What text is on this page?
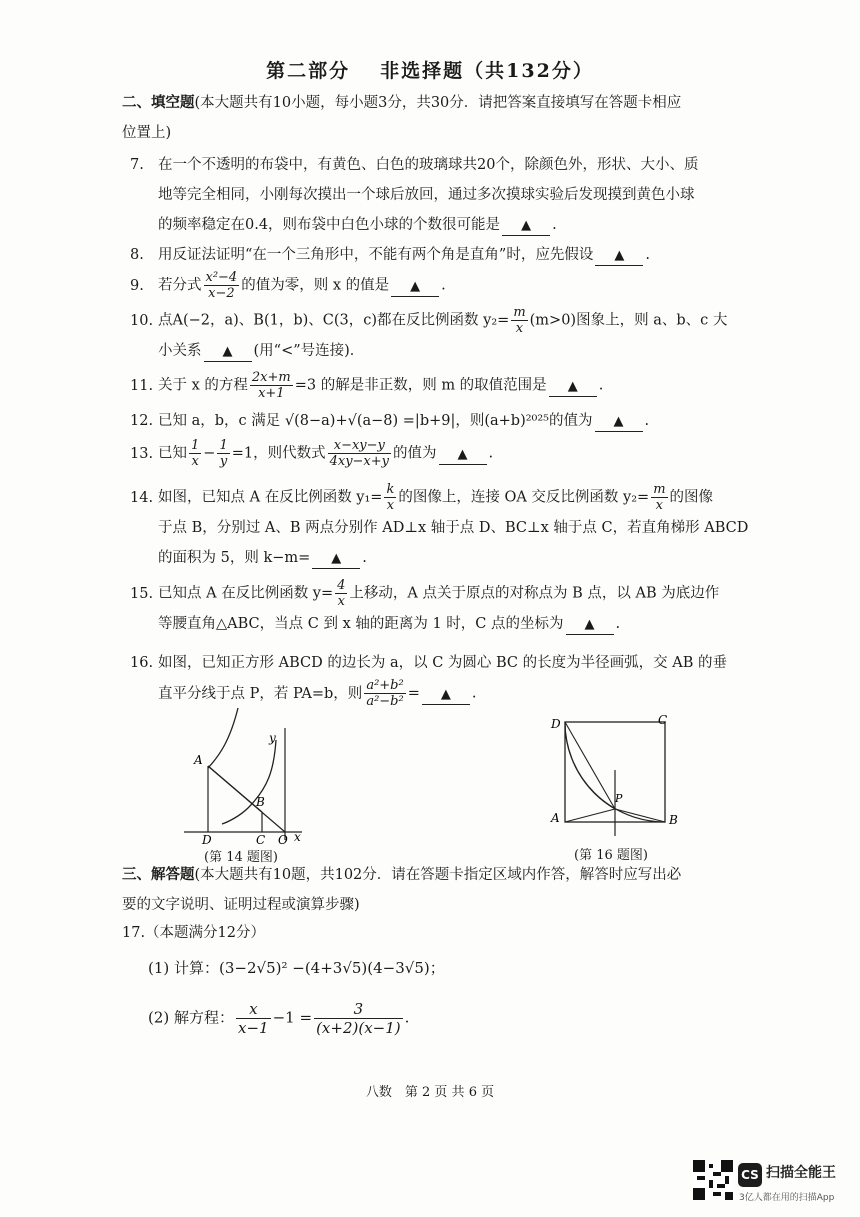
第二部分 非选择题（共132分）
二、填空题(本大题共有10小题，每小题3分，共30分．请把答案直接填写在答题卡相应
位置上)
7. 在一个不透明的布袋中，有黄色、白色的玻璃球共20个，除颜色外，形状、大小、质
地等完全相同，小刚每次摸出一个球后放回，通过多次摸球实验后发现摸到黄色小球
的频率稳定在0.4，则布袋中白色小球的个数很可能是 ▲ .
8. 用反证法证明“在一个三角形中，不能有两个角是直角”时，应先假设 ▲ .
9. 若分式 $\frac{\text{x²−4}}{x-2}$ 的值为零，则 x 的值是 ▲ .
10. 点A(−2，a)、B(1，b)、C(3，c)都在反比例函数 $y_2= \frac{m}{x} (m>0)$图象上，则 a、b、c 大
小关系 ▲ (用“<”号连接)．
11. 关于 x 的方程 $\frac{2x+m}{x+1} =3$ 的解是非正数，则 m 的取值范围是 ▲ .
12. 已知 a，b，c 满足 √(8−a)+√(a−8) =|b+9|，则(a+b)²⁰²⁵的值为 ▲ .
13. 已知 $\frac{1}{x} - \frac{1}{y} =1$，则代数式 $\frac{x-xy-y}{4xy-x+y}$ 的值为 ▲ .
14. 如图，已知点 A 在反比例函数 $y_1= \frac{k}{x}$ 的图像上，连接 OA 交反比例函数 $y_2= \frac{m}{x}$ 的图像
于点 B，分别过 A、B 两点分别作 AD⊥x 轴于点 D、BC⊥x 轴于点 C，若直角梯形 ABCD
的面积为 5，则 k−m= ▲ .
15. 已知点 A 在反比例函数 $y= \frac{4}{x}$ 上移动，A 点关于原点的对称点为 B 点，以 AB 为底边作
等腰直角△ABC，当点 C 到 x 轴的距离为 1 时，C 点的坐标为 ▲ .
16. 如图，已知正方形 ABCD 的边长为 a，以 C 为圆心 BC 的长度为半径画弧，交 AB 的垂
直平分线于点 P，若 PA=b，则 $\frac{\text{a²+b²}}{\text{a²−b²}}$ = ▲ .
A
B
D	C O x
y
(第 14 题图)
D	C
A	B
P
(第 16 题图)
三、解答题(本大题共有10题，共102分．请在答题卡指定区域内作答，解答时应写出必
要的文字说明、证明过程或演算步骤)
17.（本题满分12分）
(1) 计算：(3−2√5)² −(4+3√5)(4−3√5)；
(2) 解方程： $\frac{x}{x-1} -1 = \frac{3}{(x+2)(x-1)}$ .
八数　第 2 页 共 6 页
CS 扫描全能王
3亿人都在用的扫描App
